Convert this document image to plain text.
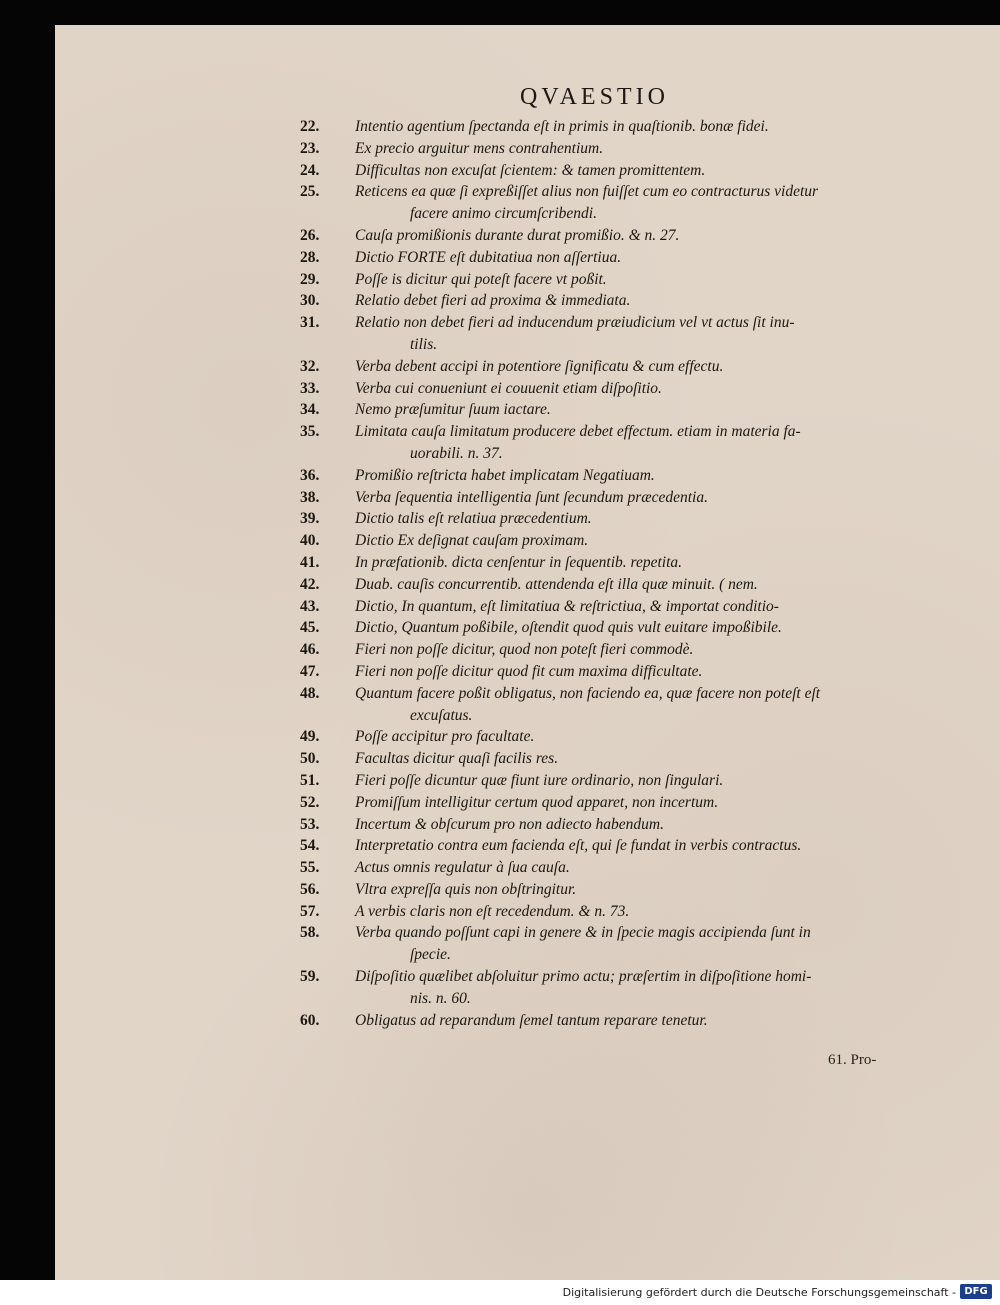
QVAESTIO
22.	Intentio agentium ſpectanda eſt in primis in quaſtionib. bonæ fidei.
23.	Ex precio arguitur mens contrahentium.
24.	Difficultas non excuſat ſcientem: & tamen promittentem.
25.	Reticens ea quæ ſi expreßiſſet alius non fuiſſet cum eo contracturus videtur
facere animo circumſcribendi.
26.	Cauſa promißionis durante durat promißio. & n. 27.
28.	Dictio FORTE eſt dubitatiua non aſſertiua.
29.	Poſſe is dicitur qui poteſt facere vt poßit.
30.	Relatio debet fieri ad proxima & immediata.
31.	Relatio non debet fieri ad inducendum præiudicium vel vt actus ſit inu-
tilis.
32.	Verba debent accipi in potentiore ſignificatu & cum effectu.
33.	Verba cui conueniunt ei couuenit etiam diſpoſitio.
34.	Nemo præſumitur ſuum iactare.
35.	Limitata cauſa limitatum producere debet effectum. etiam in materia fa-
uorabili. n. 37.
36.	Promißio reſtricta habet implicatam Negatiuam.
38.	Verba ſequentia intelligentia ſunt ſecundum præcedentia.
39.	Dictio talis eſt relatiua præcedentium.
40.	Dictio Ex deſignat cauſam proximam.
41.	In præfationib. dicta cenſentur in ſequentib. repetita.
42.	Duab. cauſis concurrentib. attendenda eſt illa quæ minuit. ( nem.
43.	Dictio, In quantum, eſt limitatiua & reſtrictiua, & importat conditio-
45.	Dictio, Quantum poßibile, oſtendit quod quis vult euitare impoßibile.
46.	Fieri non poſſe dicitur, quod non poteſt fieri commodè.
47.	Fieri non poſſe dicitur quod fit cum maxima difficultate.
48.	Quantum facere poßit obligatus, non faciendo ea, quæ facere non poteſt eſt
excuſatus.
49.	Poſſe accipitur pro facultate.
50.	Facultas dicitur quaſi facilis res.
51.	Fieri poſſe dicuntur quæ fiunt iure ordinario, non ſingulari.
52.	Promiſſum intelligitur certum quod apparet, non incertum.
53.	Incertum & obſcurum pro non adiecto habendum.
54.	Interpretatio contra eum facienda eſt, qui ſe fundat in verbis contractus.
55.	Actus omnis regulatur à ſua cauſa.
56.	Vltra expreſſa quis non obſtringitur.
57.	A verbis claris non eſt recedendum. & n. 73.
58.	Verba quando poſſunt capi in genere & in ſpecie magis accipienda ſunt in
ſpecie.
59.	Diſpoſitio quælibet abſoluitur primo actu; præſertim in diſpoſitione homi-
nis. n. 60.
60.	Obligatus ad reparandum ſemel tantum reparare tenetur.
61. Pro-
Digitalisierung gefördert durch die Deutsche Forschungsgemeinschaft - DFG
